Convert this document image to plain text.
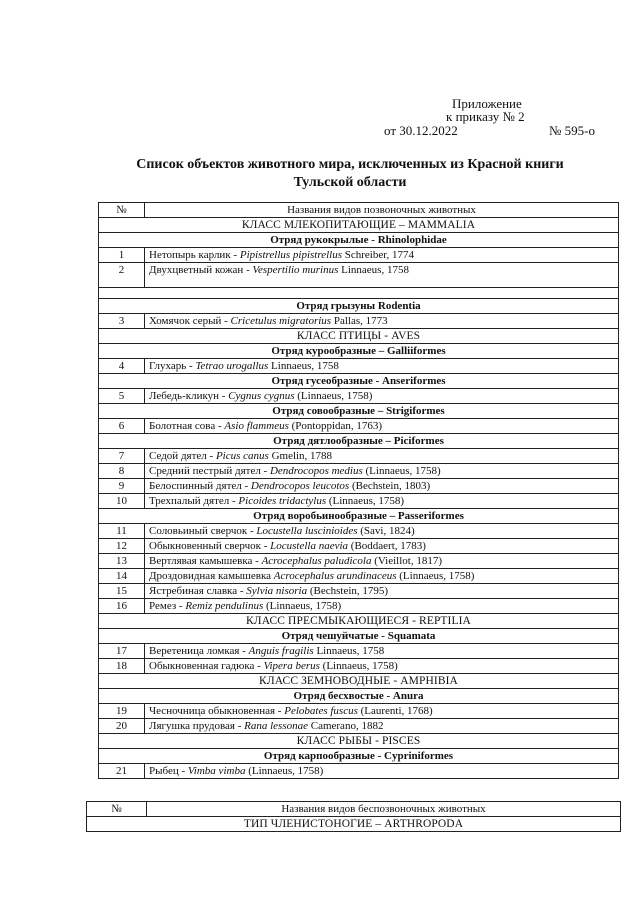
Приложение
к приказу № 2
от 30.12.2022	№ 595-о
Список объектов животного мира, исключенных из Красной книги
Тульской области
№	Названия видов позвоночных животных
КЛАСС МЛЕКОПИТАЮЩИЕ – MAMMALIA	
Отряд рукокрылые - Rhinolophidae	
1	Нетопырь карлик - Pipistrellus pipistrellus Schreiber, 1774
2	Двухцветный кожан - Vespertilio murinus Linnaeus, 1758

Отряд грызуны Rodentia	
3	Хомячок серый - Cricetulus migratorius Pallas, 1773
КЛАСС ПТИЦЫ - AVES	
Отряд курообразные – Galliiformes	
4	Глухарь - Tetrao urogallus Linnaeus, 1758
Отряд гусеобразные - Anseriformes	
5	Лебедь-кликун - Cygnus cygnus (Linnaeus, 1758)
Отряд совообразные – Strigiformes	
6	Болотная сова - Asio flammeus (Pontoppidan, 1763)
Отряд дятлообразные – Piciformes	
7	Седой дятел - Picus canus Gmelin, 1788
8	Средний пестрый дятел - Dendrocopos medius (Linnaeus, 1758)
9	Белоспинный дятел - Dendrocopos leucotos (Bechstein, 1803)
10	Трехпалый дятел - Picoides tridactylus (Linnaeus, 1758)
Отряд воробьинообразные – Passeriformes	
11	Соловьиный сверчок - Locustella luscinioides (Savi, 1824)
12	Обыкновенный сверчок - Locustella naevia (Boddaert, 1783)
13	Вертлявая камышевка - Acrocephalus paludicola (Vieillot, 1817)
14	Дроздовидная камышевка Acrocephalus arundinaceus (Linnaeus, 1758)
15	Ястребиная славка - Sylvia nisoria (Bechstein, 1795)
16	Ремез - Remiz pendulinus (Linnaeus, 1758)
КЛАСС ПРЕСМЫКАЮЩИЕСЯ - REPTILIA	
Отряд чешуйчатые - Squamata	
17	Веретеница ломкая - Anguis fragilis Linnaeus, 1758
18	Обыкновенная гадюка - Vipera berus (Linnaeus, 1758)
КЛАСС ЗЕМНОВОДНЫЕ - AMPHIBIA	
Отряд бесхвостые - Anura	
19	Чесночница обыкновенная - Pelobates fuscus (Laurenti, 1768)
20	Лягушка прудовая - Rana lessonae Camerano, 1882
КЛАСС РЫБЫ - PISCES	
Отряд карпообразные - Cypriniformes	
21	Рыбец - Vimba vimba (Linnaeus, 1758)
№	Названия видов беспозвоночных животных
ТИП ЧЛЕНИСТОНОГИЕ – ARTHROPODA
